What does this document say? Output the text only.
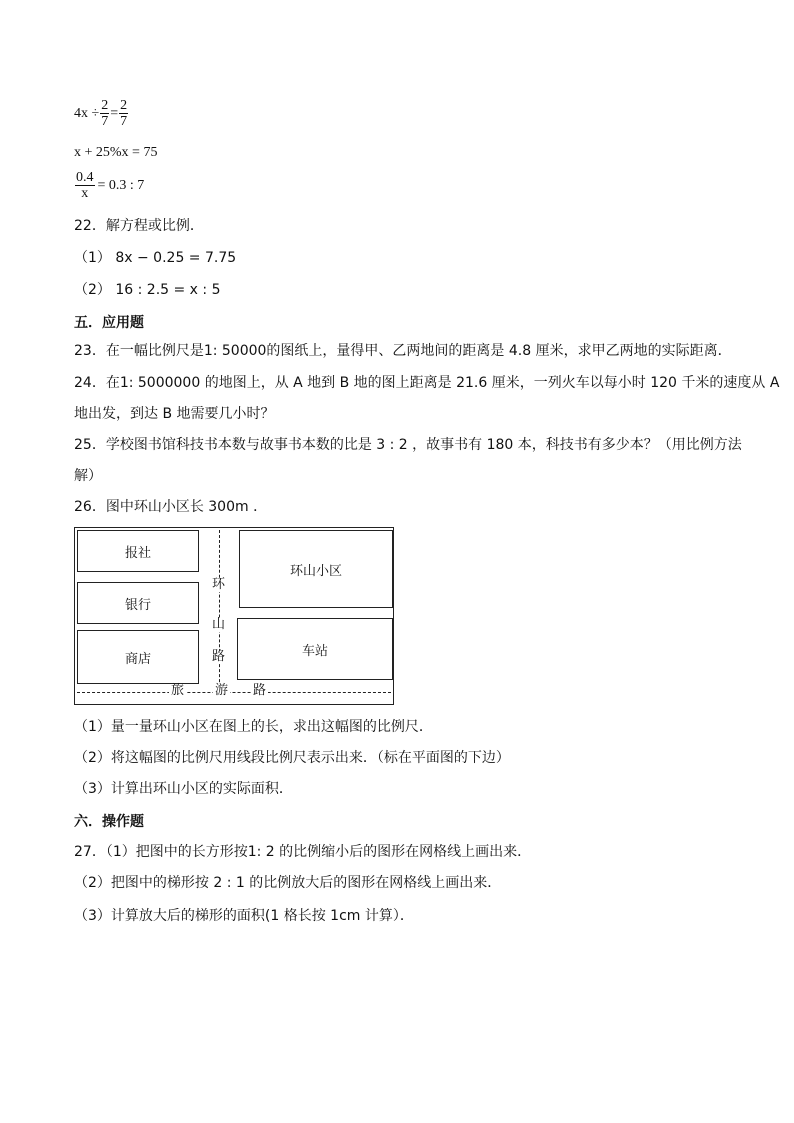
$4x \div \frac{2}{7} = \frac{2}{7}$
x + 25%x = 75
$\frac{0.4}{x} = 0.3$ : 7
22．解方程或比例．
（1） 8x − 0.25 = 7.75
（2） 16 : 2.5 = x : 5
五．应用题
23．在一幅比例尺是1: 50000的图纸上，量得甲、乙两地间的距离是 4.8 厘米，求甲乙两地的实际距离．
24．在1: 5000000 的地图上，从 A 地到 B 地的图上距离是 21.6 厘米，一列火车以每小时 120 千米的速度从 A
地出发，到达 B 地需要几小时？
25．学校图书馆科技书本数与故事书本数的比是 3 : 2 ，故事书有 180 本，科技书有多少本？（用比例方法
解）
26．图中环山小区长 300m ．
报社
银行
商店
环山小区
车站
环
山
路
旅 游 路
（1）量一量环山小区在图上的长，求出这幅图的比例尺．
（2）将这幅图的比例尺用线段比例尺表示出来．（标在平面图的下边）
（3）计算出环山小区的实际面积．
六．操作题
27．（1）把图中的长方形按1: 2 的比例缩小后的图形在网格线上画出来．
（2）把图中的梯形按 2 : 1 的比例放大后的图形在网格线上画出来．
（3）计算放大后的梯形的面积(1 格长按 1cm 计算）．
